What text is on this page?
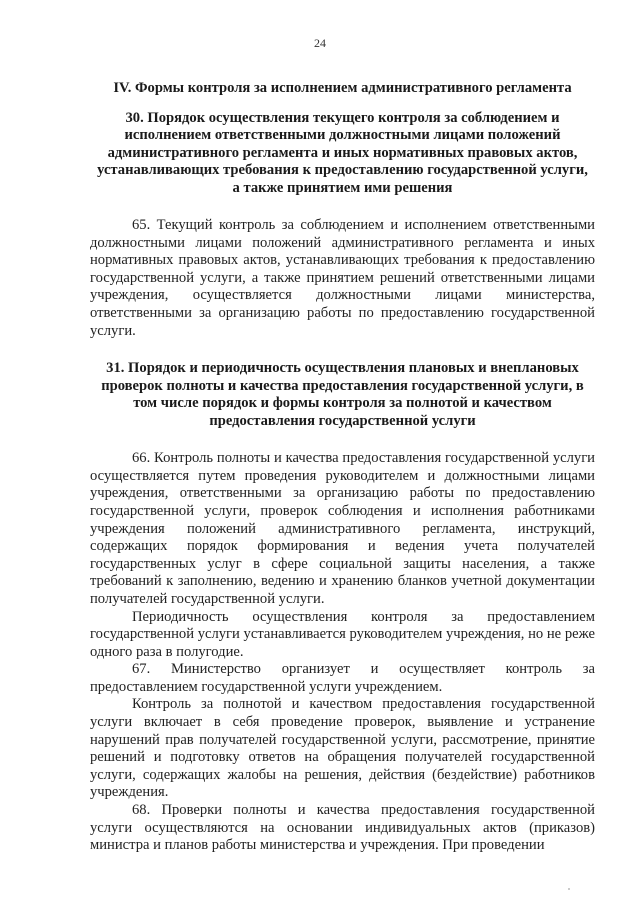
24
IV. Формы контроля за исполнением административного регламента
30. Порядок осуществления текущего контроля за соблюдением и исполнением ответственными должностными лицами положений административного регламента и иных нормативных правовых актов, устанавливающих требования к предоставлению государственной услуги, а также принятием ими решения

65. Текущий контроль за соблюдением и исполнением ответственными должностными лицами положений административного регламента и иных нормативных правовых актов, устанавливающих требования к предоставлению государственной услуги, а также принятием решений ответственными лицами учреждения, осуществляется должностными лицами министерства, ответственными за организацию работы по предоставлению государственной услуги.

31. Порядок и периодичность осуществления плановых и внеплановых проверок полноты и качества предоставления государственной услуги, в том числе порядок и формы контроля за полнотой и качеством предоставления государственной услуги

66. Контроль полноты и качества предоставления государственной услуги осуществляется путем проведения руководителем и должностными лицами учреждения, ответственными за организацию работы по предоставлению государственной услуги, проверок соблюдения и исполнения работниками учреждения положений административного регламента, инструкций, содержащих порядок формирования и ведения учета получателей государственных услуг в сфере социальной защиты населения, а также требований к заполнению, ведению и хранению бланков учетной документации получателей государственной услуги.

Периодичность осуществления контроля за предоставлением государственной услуги устанавливается руководителем учреждения, но не реже одного раза в полугодие.

67. Министерство организует и осуществляет контроль за предоставлением государственной услуги учреждением.

Контроль за полнотой и качеством предоставления государственной услуги включает в себя проведение проверок, выявление и устранение нарушений прав получателей государственной услуги, рассмотрение, принятие решений и подготовку ответов на обращения получателей государственной услуги, содержащих жалобы на решения, действия (бездействие) работников учреждения.

68. Проверки полноты и качества предоставления государственной услуги осуществляются на основании индивидуальных актов (приказов) министра и планов работы министерства и учреждения. При проведении
